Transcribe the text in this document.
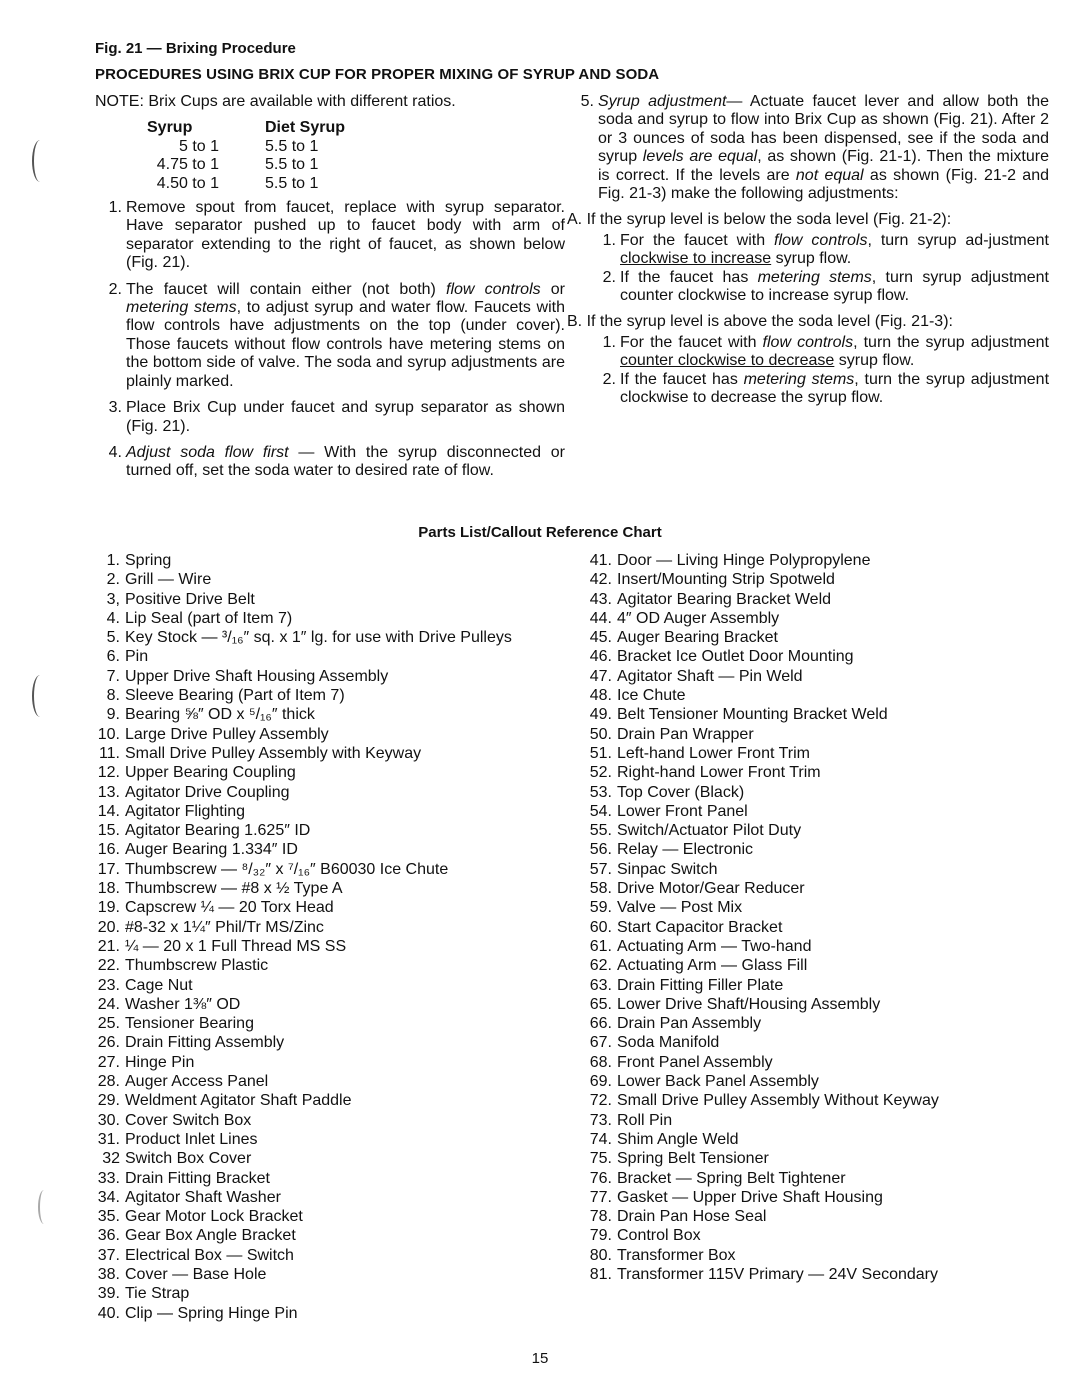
Fig. 21 — Brixing Procedure
PROCEDURES USING BRIX CUP FOR PROPER MIXING OF SYRUP AND SODA

NOTE: Brix Cups are available with different ratios.

Syrup	Diet Syrup
5 to 1	5.5 to 1
4.75 to 1	5.5 to 1
4.50 to 1	5.5 to 1
1. Remove spout from faucet, replace with syrup separator. Have separator pushed up to faucet body with arm of separator extending to the right of faucet, as shown below (Fig. 21).
2. The faucet will contain either (not both) flow controls or metering stems, to adjust syrup and water flow. Faucets with flow controls have adjustments on the top (under cover). Those faucets without flow controls have metering stems on the bottom side of valve. The soda and syrup adjustments are plainly marked.
3. Place Brix Cup under faucet and syrup separator as shown (Fig. 21).
4. Adjust soda flow first — With the syrup disconnected or turned off, set the soda water to desired rate of flow.
5. Syrup adjustment— Actuate faucet lever and allow both the soda and syrup to flow into Brix Cup as shown (Fig. 21). After 2 or 3 ounces of soda has been dispensed, see if the soda and syrup levels are equal, as shown (Fig. 21-1). Then the mixture is correct. If the levels are not equal as shown (Fig. 21-2 and Fig. 21-3) make the following adjustments:
A. If the syrup level is below the soda level (Fig. 21-2):
1. For the faucet with flow controls, turn syrup ad-justment clockwise to increase syrup flow.
2. If the faucet has metering stems, turn syrup adjustment counter clockwise to increase syrup flow.
B. If the syrup level is above the soda level (Fig. 21-3):
1. For the faucet with flow controls, turn the syrup adjustment counter clockwise to decrease syrup flow.
2. If the faucet has metering stems, turn the syrup adjustment clockwise to decrease the syrup flow.
Parts List/Callout Reference Chart
1. Spring
2. Grill — Wire
3, Positive Drive Belt
4. Lip Seal (part of Item 7)
5. Key Stock — ³/₁₆″ sq. x 1″ lg. for use with Drive Pulleys
6. Pin
7. Upper Drive Shaft Housing Assembly
8. Sleeve Bearing (Part of Item 7)
9. Bearing ⅝″ OD x ⁵/₁₆″ thick
10. Large Drive Pulley Assembly
11. Small Drive Pulley Assembly with Keyway
12. Upper Bearing Coupling
13. Agitator Drive Coupling
14. Agitator Flighting
15. Agitator Bearing 1.625″ ID
16. Auger Bearing 1.334″ ID
17. Thumbscrew — ⁸/₃₂″ x ⁷/₁₆″ B60030 Ice Chute
18. Thumbscrew — #8 x ½ Type A
19. Capscrew ¼ — 20 Torx Head
20. #8-32 x 1¼″ Phil/Tr MS/Zinc
21. ¼ — 20 x 1 Full Thread MS SS
22. Thumbscrew Plastic
23. Cage Nut
24. Washer 1⅜″ OD
25. Tensioner Bearing
26. Drain Fitting Assembly
27. Hinge Pin
28. Auger Access Panel
29. Weldment Agitator Shaft Paddle
30. Cover Switch Box
31. Product Inlet Lines
32 Switch Box Cover
33. Drain Fitting Bracket
34. Agitator Shaft Washer
35. Gear Motor Lock Bracket
36. Gear Box Angle Bracket
37. Electrical Box — Switch
38. Cover — Base Hole
39. Tie Strap
40. Clip — Spring Hinge Pin
41. Door — Living Hinge Polypropylene
42. Insert/Mounting Strip Spotweld
43. Agitator Bearing Bracket Weld
44. 4″ OD Auger Assembly
45. Auger Bearing Bracket
46. Bracket Ice Outlet Door Mounting
47. Agitator Shaft — Pin Weld
48. Ice Chute
49. Belt Tensioner Mounting Bracket Weld
50. Drain Pan Wrapper
51. Left-hand Lower Front Trim
52. Right-hand Lower Front Trim
53. Top Cover (Black)
54. Lower Front Panel
55. Switch/Actuator Pilot Duty
56. Relay — Electronic
57. Sinpac Switch
58. Drive Motor/Gear Reducer
59. Valve — Post Mix
60. Start Capacitor Bracket
61. Actuating Arm — Two-hand
62. Actuating Arm — Glass Fill
63. Drain Fitting Filler Plate
65. Lower Drive Shaft/Housing Assembly
66. Drain Pan Assembly
67. Soda Manifold
68. Front Panel Assembly
69. Lower Back Panel Assembly
72. Small Drive Pulley Assembly Without Keyway
73. Roll Pin
74. Shim Angle Weld
75. Spring Belt Tensioner
76. Bracket — Spring Belt Tightener
77. Gasket — Upper Drive Shaft Housing
78. Drain Pan Hose Seal
79. Control Box
80. Transformer Box
81. Transformer 115V Primary — 24V Secondary
15
